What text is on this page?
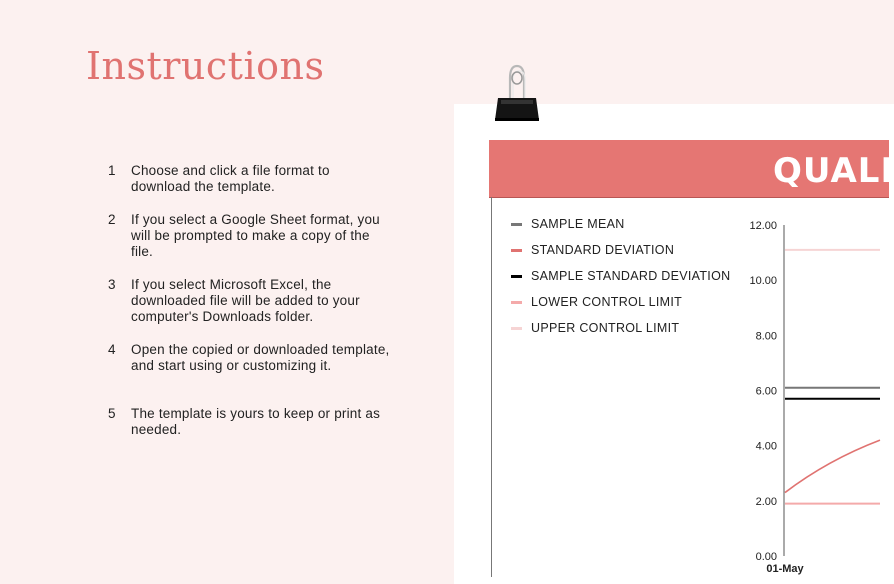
Instructions
1	Choose and click a file format to download the template.
2	If you select a Google Sheet format, you will be prompted to make a copy of the file.
3	If you select Microsoft Excel, the downloaded file will be added to your computer's Downloads folder.
4	Open the copied or downloaded template, and start using or customizing it.
5	The template is yours to keep or print as needed.
QUALI
SAMPLE MEAN
STANDARD DEVIATION
SAMPLE STANDARD DEVIATION
LOWER CONTROL LIMIT
UPPER CONTROL LIMIT
0.00
2.00
4.00
6.00
8.00
10.00
12.00
01-May
